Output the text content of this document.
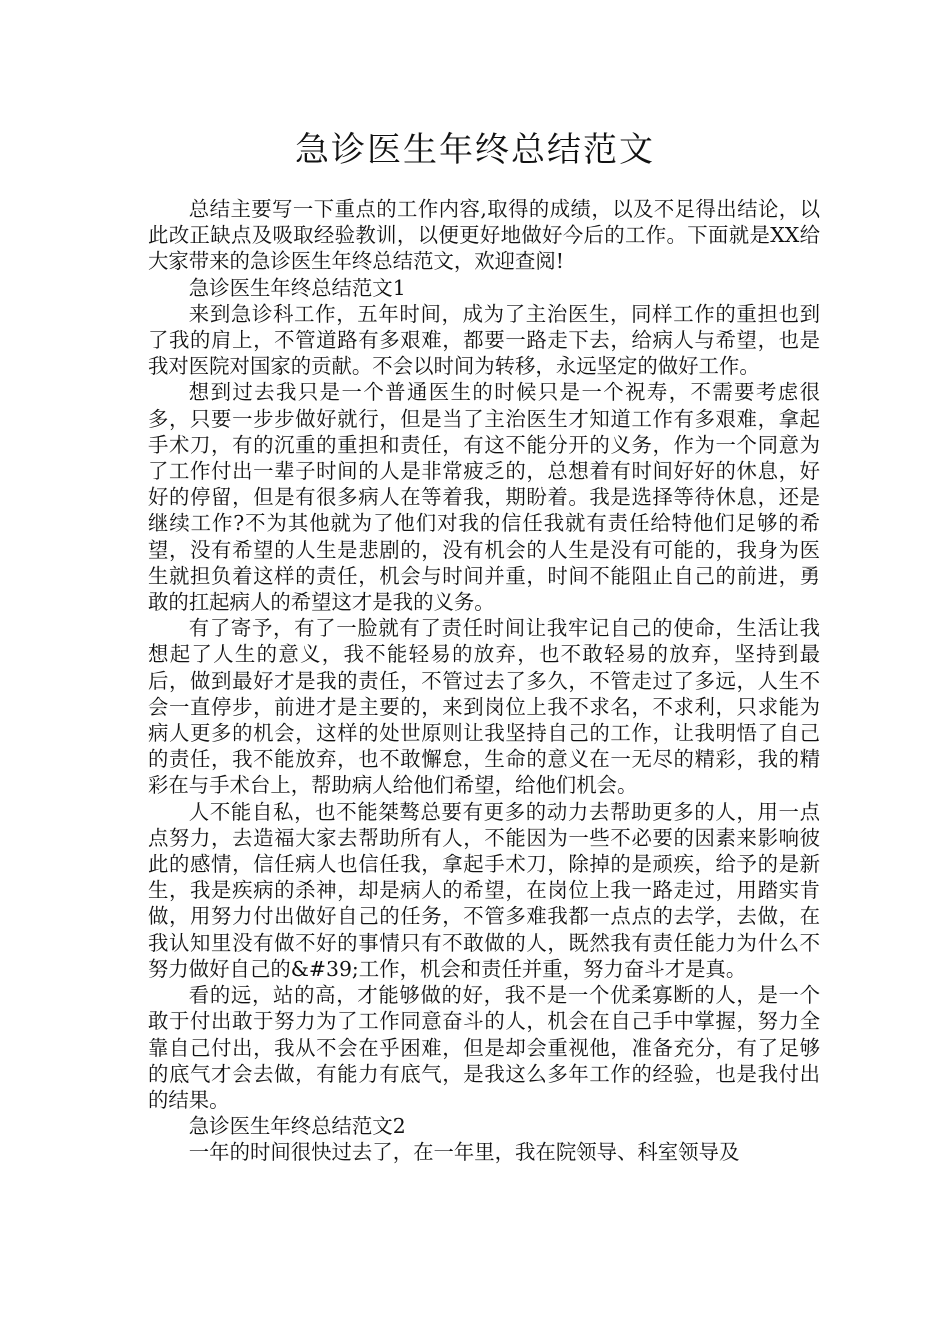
急诊医生年终总结范文

总结主要写一下重点的工作内容,取得的成绩，以及不足得出结论，以此改正缺点及吸取经验教训，以便更好地做好今后的工作。下面就是XX给大家带来的急诊医生年终总结范文，欢迎查阅!

急诊医生年终总结范文1

来到急诊科工作，五年时间，成为了主治医生，同样工作的重担也到了我的肩上，不管道路有多艰难，都要一路走下去，给病人与希望，也是我对医院对国家的贡献。不会以时间为转移，永远坚定的做好工作。

想到过去我只是一个普通医生的时候只是一个祝寿，不需要考虑很多，只要一步步做好就行，但是当了主治医生才知道工作有多艰难，拿起手术刀，有的沉重的重担和责任，有这不能分开的义务，作为一个同意为了工作付出一辈子时间的人是非常疲乏的，总想着有时间好好的休息，好好的停留，但是有很多病人在等着我，期盼着。我是选择等待休息，还是继续工作?不为其他就为了他们对我的信任我就有责任给特他们足够的希望，没有希望的人生是悲剧的，没有机会的人生是没有可能的，我身为医生就担负着这样的责任，机会与时间并重，时间不能阻止自己的前进，勇敢的扛起病人的希望这才是我的义务。

有了寄予，有了一脸就有了责任时间让我牢记自己的使命，生活让我想起了人生的意义，我不能轻易的放弃，也不敢轻易的放弃，坚持到最后，做到最好才是我的责任，不管过去了多久，不管走过了多远，人生不会一直停步，前进才是主要的，来到岗位上我不求名，不求利，只求能为病人更多的机会，这样的处世原则让我坚持自己的工作，让我明悟了自己的责任，我不能放弃，也不敢懈怠，生命的意义在一无尽的精彩，我的精彩在与手术台上，帮助病人给他们希望，给他们机会。

人不能自私，也不能桀骜总要有更多的动力去帮助更多的人，用一点点努力，去造福大家去帮助所有人，不能因为一些不必要的因素来影响彼此的感情，信任病人也信任我，拿起手术刀，除掉的是顽疾，给予的是新生，我是疾病的杀神，却是病人的希望，在岗位上我一路走过，用踏实肯做，用努力付出做好自己的任务，不管多难我都一点点的去学，去做，在我认知里没有做不好的事情只有不敢做的人，既然我有责任能力为什么不努力做好自己的&#39;工作，机会和责任并重，努力奋斗才是真。

看的远，站的高，才能够做的好，我不是一个优柔寡断的人，是一个敢于付出敢于努力为了工作同意奋斗的人，机会在自己手中掌握，努力全靠自己付出，我从不会在乎困难，但是却会重视他，准备充分，有了足够的底气才会去做，有能力有底气，是我这么多年工作的经验，也是我付出的结果。

急诊医生年终总结范文2

一年的时间很快过去了，在一年里，我在院领导、科室领导及
